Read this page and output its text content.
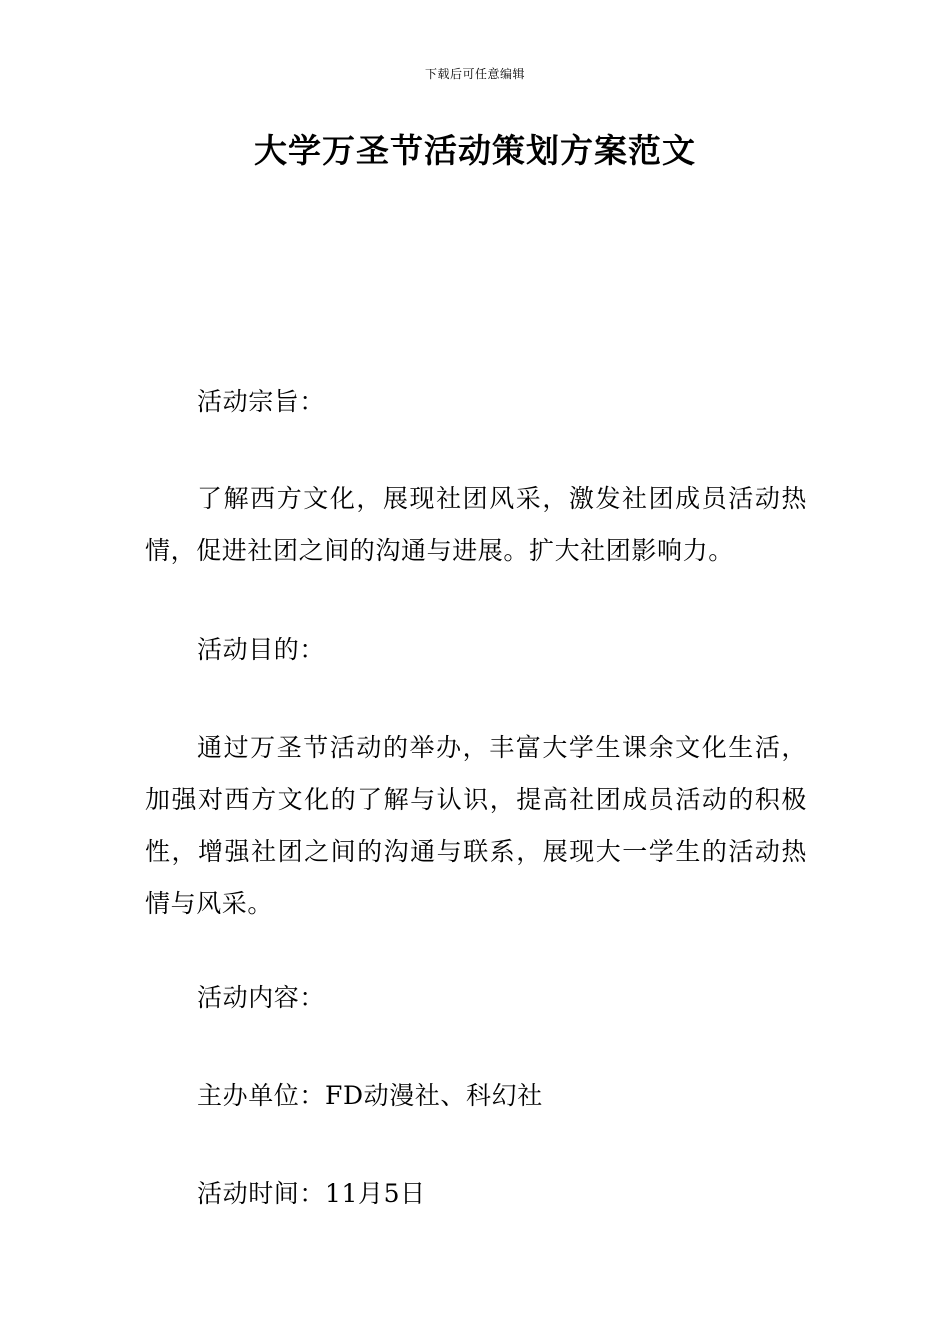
下载后可任意编辑
大学万圣节活动策划方案范文

活动宗旨：

了解西方文化，展现社团风采，激发社团成员活动热情，促进社团之间的沟通与进展。扩大社团影响力。

活动目的：

通过万圣节活动的举办，丰富大学生课余文化生活，加强对西方文化的了解与认识，提高社团成员活动的积极性，增强社团之间的沟通与联系，展现大一学生的活动热情与风采。

活动内容：

主办单位：FD动漫社、科幻社

活动时间：11月5日
